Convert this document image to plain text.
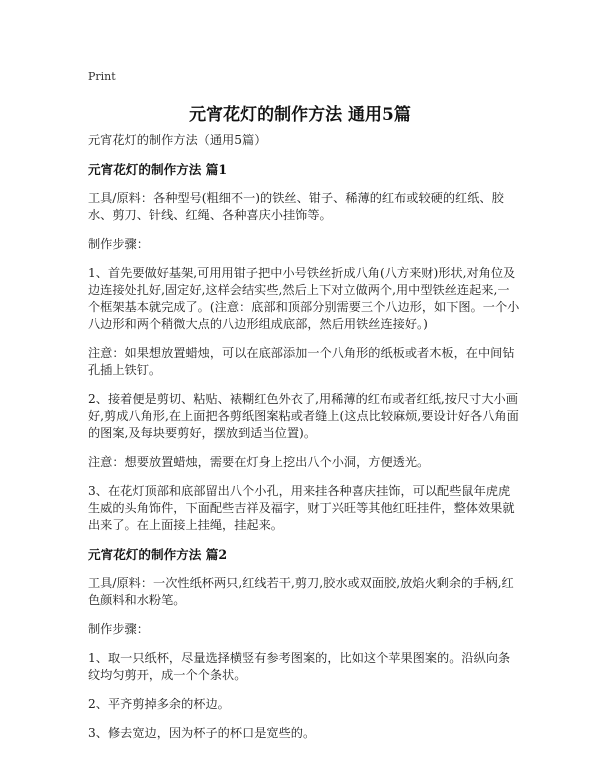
Print
元宵花灯的制作方法 通用5篇

元宵花灯的制作方法（通用5篇）

元宵花灯的制作方法 篇1

工具/原料：各种型号(粗细不一)的铁丝、钳子、稀薄的红布或较硬的红纸、胶水、剪刀、针线、红绳、各种喜庆小挂饰等。

制作步骤：

1、首先要做好基架,可用用钳子把中小号铁丝折成八角(八方来财)形状,对角位及边连接处扎好,固定好,这样会结实些,然后上下对立做两个,用中型铁丝连起来,一个框架基本就完成了。(注意：底部和顶部分别需要三个八边形，如下图。一个小八边形和两个稍微大点的八边形组成底部，然后用铁丝连接好。)

注意：如果想放置蜡烛，可以在底部添加一个八角形的纸板或者木板，在中间钻孔插上铁钉。

2、接着便是剪切、粘贴、裱糊红色外衣了,用稀薄的红布或者红纸,按尺寸大小画好,剪成八角形,在上面把各剪纸图案粘或者缝上(这点比较麻烦,要设计好各八角面的图案,及每块要剪好，摆放到适当位置)。

注意：想要放置蜡烛，需要在灯身上挖出八个小洞，方便透光。

3、在花灯顶部和底部留出八个小孔，用来挂各种喜庆挂饰，可以配些鼠年虎虎生威的头角饰件，下面配些吉祥及福字，财丁兴旺等其他红旺挂件，整体效果就出来了。在上面接上挂绳，挂起来。

元宵花灯的制作方法 篇2

工具/原料：一次性纸杯两只,红线若干,剪刀,胶水或双面胶,放焰火剩余的手柄,红色颜料和水粉笔。

制作步骤：

1、取一只纸杯，尽量选择横竖有参考图案的，比如这个苹果图案的。沿纵向条纹均匀剪开，成一个个条状。

2、平齐剪掉多余的杯边。

3、修去宽边，因为杯子的杯口是宽些的。
